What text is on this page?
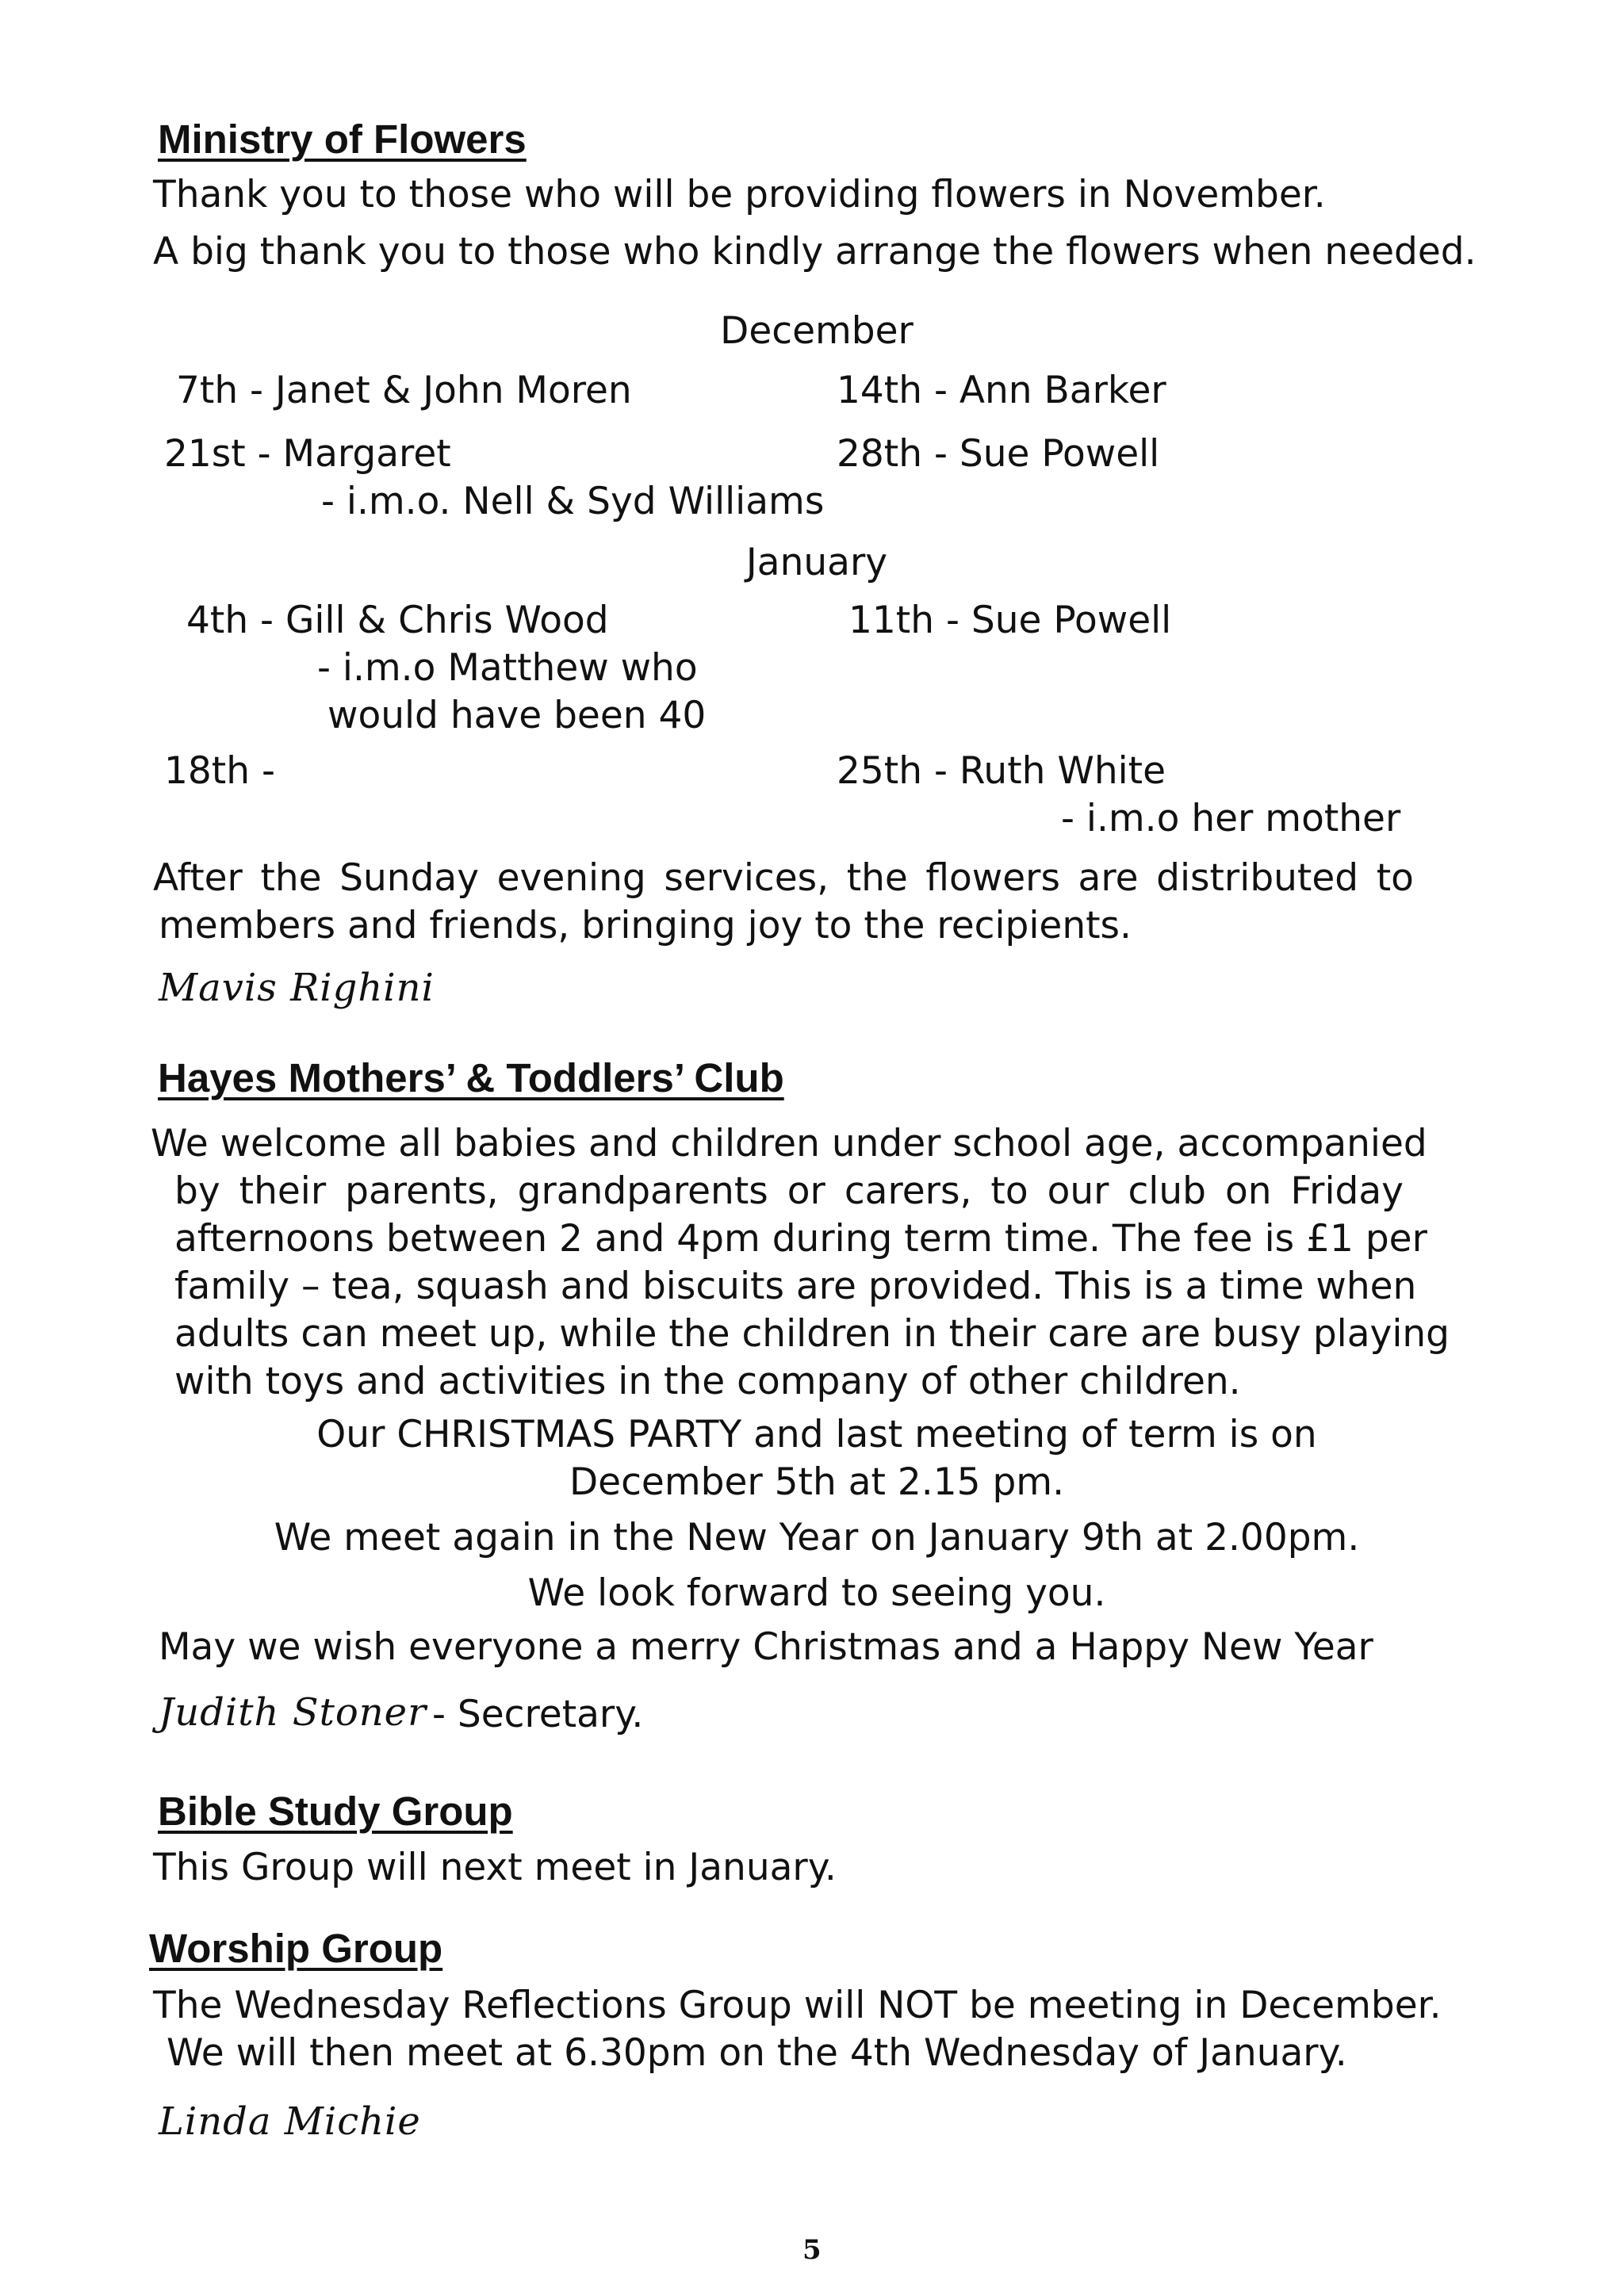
Ministry of Flowers
Thank you to those who will be providing flowers in November.
A big thank you to those who kindly arrange the flowers when needed.
December
7th - Janet & John Moren	14th - Ann Barker
21st - Margaret	28th - Sue Powell
- i.m.o. Nell & Syd Williams
January
4th - Gill & Chris Wood	11th - Sue Powell
- i.m.o Matthew who
would have been 40
18th -	25th - Ruth White
- i.m.o her mother
After the Sunday evening services, the flowers are distributed to
members and friends, bringing joy to the recipients.
Mavis Righini
Hayes Mothers’ & Toddlers’ Club
We welcome all babies and children under school age, accompanied
by their parents, grandparents or carers, to our club on Friday
afternoons between 2 and 4pm during term time. The fee is £1 per
family – tea, squash and biscuits are provided. This is a time when
adults can meet up, while the children in their care are busy playing
with toys and activities in the company of other children.
Our CHRISTMAS PARTY and last meeting of term is on
December 5th at 2.15 pm.
We meet again in the New Year on January 9th at 2.00pm.
We look forward to seeing you.
May we wish everyone a merry Christmas and a Happy New Year
Judith Stoner - Secretary.
Bible Study Group
This Group will next meet in January.
Worship Group
The Wednesday Reflections Group will NOT be meeting in December.
We will then meet at 6.30pm on the 4th Wednesday of January.
Linda Michie
5
